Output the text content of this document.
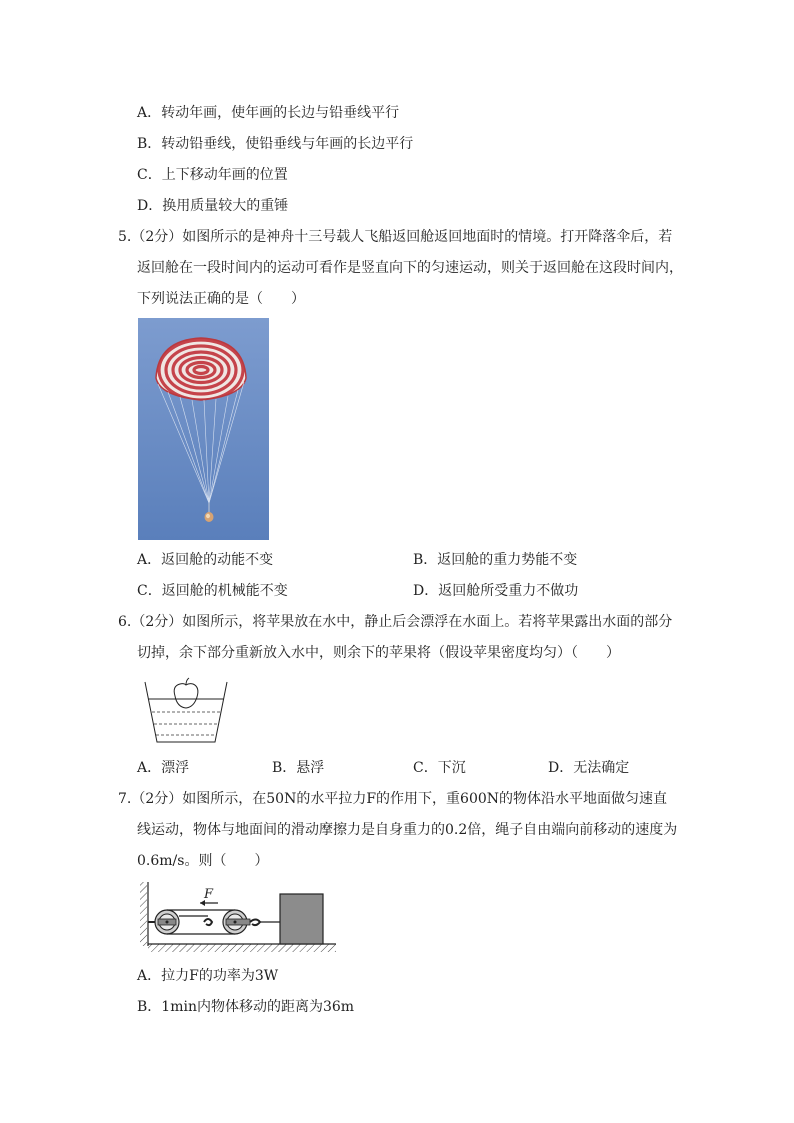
A．转动年画，使年画的长边与铅垂线平行
B．转动铅垂线，使铅垂线与年画的长边平行
C．上下移动年画的位置
D．换用质量较大的重锤
5.（2分）如图所示的是神舟十三号载人飞船返回舱返回地面时的情境。打开降落伞后，若
返回舱在一段时间内的运动可看作是竖直向下的匀速运动，则关于返回舱在这段时间内，
下列说法正确的是（　　）
A．返回舱的动能不变	B．返回舱的重力势能不变
C．返回舱的机械能不变	D．返回舱所受重力不做功
6.（2分）如图所示，将苹果放在水中，静止后会漂浮在水面上。若将苹果露出水面的部分
切掉，余下部分重新放入水中，则余下的苹果将（假设苹果密度均匀）（　　）
A．漂浮	B．悬浮	C．下沉	D．无法确定
7.（2分）如图所示，在50N的水平拉力F的作用下，重600N的物体沿水平地面做匀速直
线运动，物体与地面间的滑动摩擦力是自身重力的0.2倍，绳子自由端向前移动的速度为
0.6m/s。则（　　）
F
A．拉力F的功率为3W
B．1min内物体移动的距离为36m
